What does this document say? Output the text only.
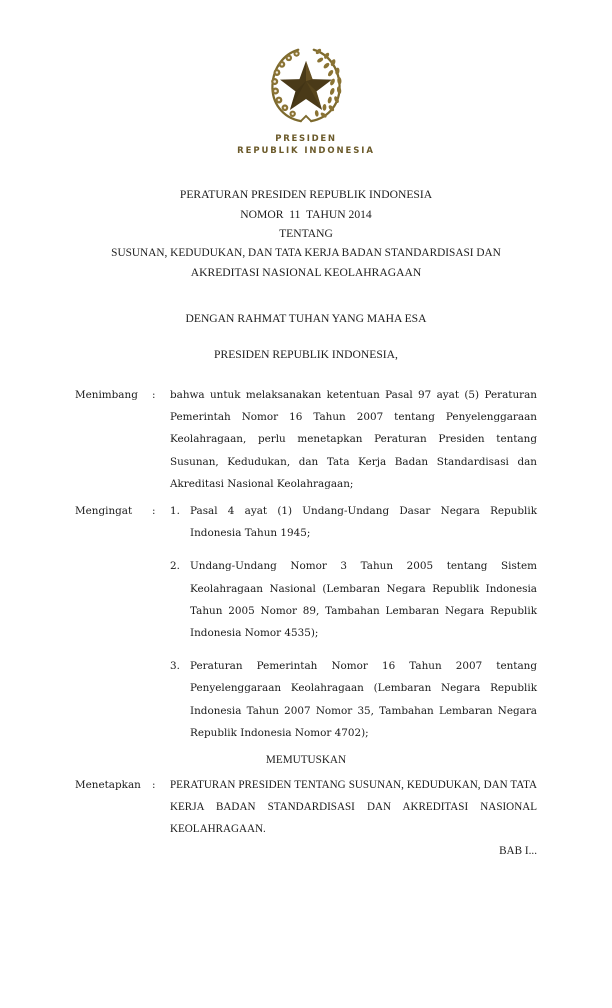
PRESIDEN
REPUBLIK INDONESIA
PERATURAN PRESIDEN REPUBLIK INDONESIA
NOMOR  11  TAHUN 2014
TENTANG
SUSUNAN, KEDUDUKAN, DAN TATA KERJA BADAN STANDARDISASI DAN
AKREDITASI NASIONAL KEOLAHRAGAAN
DENGAN RAHMAT TUHAN YANG MAHA ESA
PRESIDEN REPUBLIK INDONESIA,
Menimbang	:	bahwa untuk melaksanakan ketentuan Pasal 97 ayat (5) Peraturan Pemerintah Nomor 16 Tahun 2007 tentang Penyelenggaraan Keolahragaan, perlu menetapkan Peraturan Presiden tentang Susunan, Kedudukan, dan Tata Kerja Badan Standardisasi dan Akreditasi Nasional Keolahragaan;

Mengingat	:	1. Pasal 4 ayat (1) Undang-Undang Dasar Negara Republik Indonesia Tahun 1945;
2. Undang-Undang Nomor 3 Tahun 2005 tentang Sistem Keolahragaan Nasional (Lembaran Negara Republik Indonesia Tahun 2005 Nomor 89, Tambahan Lembaran Negara Republik Indonesia Nomor 4535);
3. Peraturan Pemerintah Nomor 16 Tahun 2007 tentang Penyelenggaraan Keolahragaan (Lembaran Negara Republik Indonesia Tahun 2007 Nomor 35, Tambahan Lembaran Negara Republik Indonesia Nomor 4702);
MEMUTUSKAN
Menetapkan	:	PERATURAN PRESIDEN TENTANG SUSUNAN, KEDUDUKAN, DAN TATA KERJA BADAN STANDARDISASI DAN AKREDITASI NASIONAL KEOLAHRAGAAN.

BAB I...
